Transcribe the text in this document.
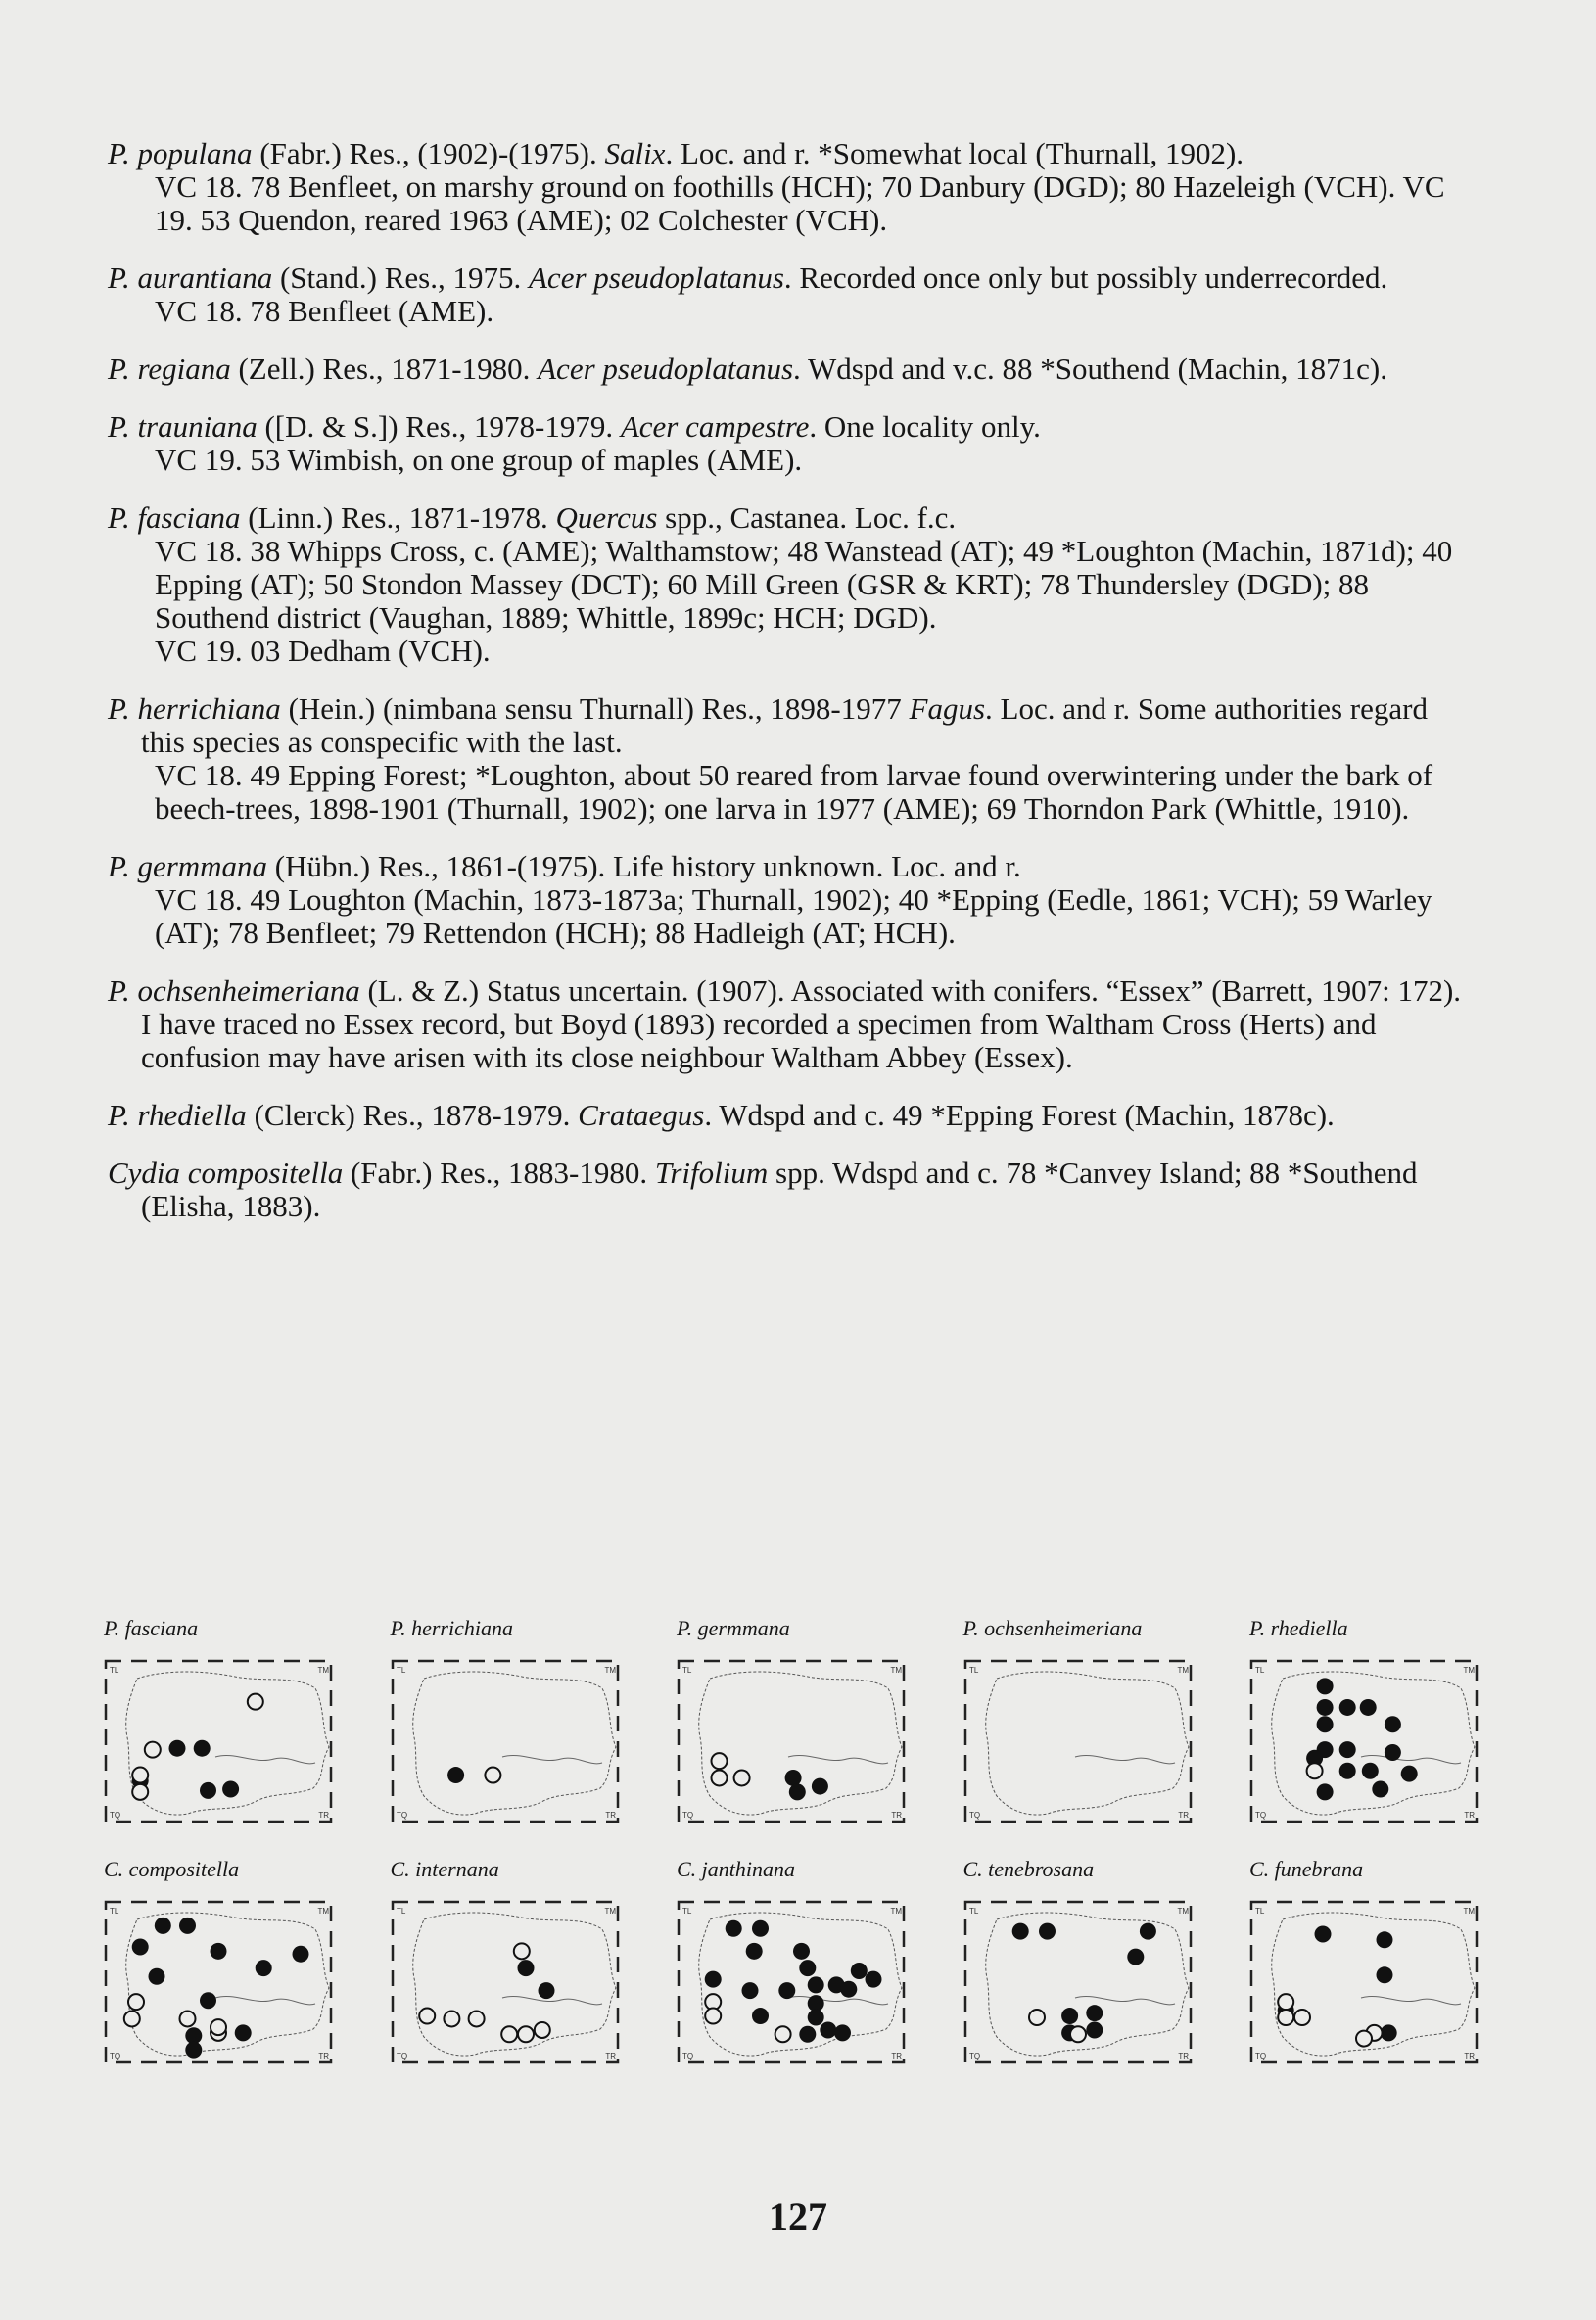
P. populana (Fabr.) Res., (1902)-(1975). Salix. Loc. and r. *Somewhat local (Thurnall, 1902).

VC 18. 78 Benfleet, on marshy ground on foothills (HCH); 70 Danbury (DGD); 80 Hazeleigh (VCH). VC 19. 53 Quendon, reared 1963 (AME); 02 Colchester (VCH).

P. aurantiana (Stand.) Res., 1975. Acer pseudoplatanus. Recorded once only but possibly underrecorded.

VC 18. 78 Benfleet (AME).

P. regiana (Zell.) Res., 1871-1980. Acer pseudoplatanus. Wdspd and v.c. 88 *Southend (Machin, 1871c).

P. trauniana ([D. & S.]) Res., 1978-1979. Acer campestre. One locality only.

VC 19. 53 Wimbish, on one group of maples (AME).

P. fasciana (Linn.) Res., 1871-1978. Quercus spp., Castanea. Loc. f.c.

VC 18. 38 Whipps Cross, c. (AME); Walthamstow; 48 Wanstead (AT); 49 *Loughton (Machin, 1871d); 40 Epping (AT); 50 Stondon Massey (DCT); 60 Mill Green (GSR & KRT); 78 Thundersley (DGD); 88 Southend district (Vaughan, 1889; Whittle, 1899c; HCH; DGD).

VC 19. 03 Dedham (VCH).

P. herrichiana (Hein.) (nimbana sensu Thurnall) Res., 1898-1977 Fagus. Loc. and r. Some authorities regard this species as conspecific with the last.

VC 18. 49 Epping Forest; *Loughton, about 50 reared from larvae found overwintering under the bark of beech-trees, 1898-1901 (Thurnall, 1902); one larva in 1977 (AME); 69 Thorndon Park (Whittle, 1910).

P. germmana (Hübn.) Res., 1861-(1975). Life history unknown. Loc. and r.

VC 18. 49 Loughton (Machin, 1873-1873a; Thurnall, 1902); 40 *Epping (Eedle, 1861; VCH); 59 Warley (AT); 78 Benfleet; 79 Rettendon (HCH); 88 Hadleigh (AT; HCH).

P. ochsenheimeriana (L. & Z.) Status uncertain. (1907). Associated with conifers. “Essex” (Barrett, 1907: 172). I have traced no Essex record, but Boyd (1893) recorded a specimen from Waltham Cross (Herts) and confusion may have arisen with its close neighbour Waltham Abbey (Essex).

P. rhediella (Clerck) Res., 1878-1979. Crataegus. Wdspd and c. 49 *Epping Forest (Machin, 1878c).

Cydia compositella (Fabr.) Res., 1883-1980. Trifolium spp. Wdspd and c. 78 *Canvey Island; 88 *Southend (Elisha, 1883).

P. fasciana
TL	TM
TQ	TR
P. herrichiana
TL	TM
TQ	TR
P. germmana
TL	TM
TQ	TR
P. ochsenheimeriana
TL	TM
TQ	TR
P. rhediella
TL	TM
TQ	TR
C. compositella
TL	TM
TQ	TR
C. internana
TL	TM
TQ	TR
C. janthinana
TL	TM
TQ	TR
C. tenebrosana
TL	TM
TQ	TR
C. funebrana
TL	TM
TQ	TR
127
